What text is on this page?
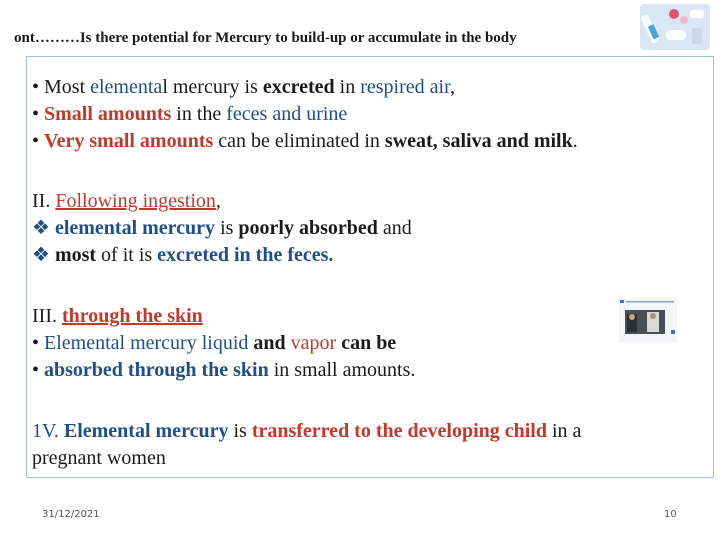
ont………Is there potential for Mercury to build-up or accumulate in the body
• Most elemental mercury is excreted in respired air,
• Small amounts in the feces and urine
• Very small amounts can be eliminated in sweat, saliva and milk.
II. Following ingestion,
❖ elemental mercury is poorly absorbed and
❖ most of it is excreted in the feces.
III. through the skin
• Elemental mercury liquid and vapor can be
• absorbed through the skin in small amounts.
1V. Elemental mercury is transferred to the developing child in a
pregnant women
31/12/2021	10
